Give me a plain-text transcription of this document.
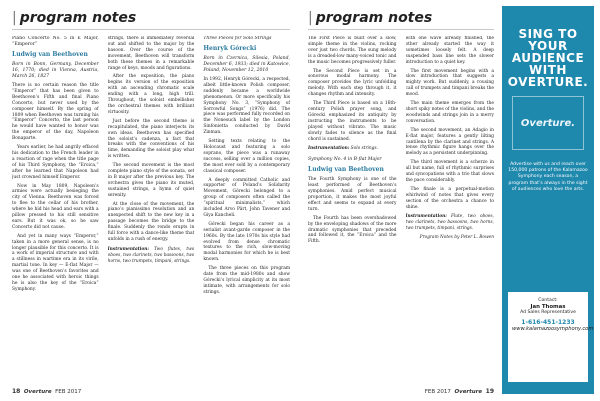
| program notes
Piano Concerto No. 5 in E Major, “Emperor”
Ludwig van Beethoven
Born in Bonn, Germany, December 16, 1770; died in Vienna, Austria, March 26, 1827

There is no certain reason the title “Emperor” that has been given to Beethoven’s Fifth and final Piano Concerto, but never used by the composer himself. By the spring of 1809 when Beethoven was turning his “Emperor” Concerto, the last person he would have wanted to honor was the emperor of the day, Napoleon Bonaparte.

Years earlier, he had angrily effaced his dedication to the French leader in a reaction of rage when the title page of his Third Symphony, the “Eroica,” after he learned that Napoleon had just crowned himself Emperor.

Now in May 1809, Napoleon’s armies were actually besieging the city of Vienna. Beethoven was forced to flee to the cellar of his brother, where he hid his head and ears with a pillow pressed to his still sensitive ears. But it was ok, so he saw Concerto did not cause.

And yet in many ways “Emperor,” taken in a more general sense, is no longer plausible for this concerto. It is a work of imperial structure and with a stillness in wartime era in its virile, martial tone. In key — E-flat Major — was one of Beethoven’s favorites and one he associated with heroic things he is also the key of the “Eroica” Symphony.

strings, there is immediately reversal out and shifted to the major by the basoon. Over the course of the movement, Beethoven will transform both these themes in a remarkable range of keys, moods and figurations.

After the exposition, the piano begins its version of the exposition with an ascending chromatic scale ending with a long, high trill. Throughout, the soloist embellishes the orchestral themes with brilliant virtuosity.

Just before the second theme is recapitulated, the piano interjects its own ideas. Beethoven has specified the soloist’s cadenza, a fact that breaks with the conventions of his time, demanding the soloist play what is written.

The second movement is the most complete piano style of the sonata, set in B major after the previous key. The orchestra gives the piano its muted, sustained strings, a hymn of quiet serenity.

At the close of the movement, the piano’s pianissimo resolution and an unexpected shift to the new key in a passage becomes the bridge to the finale. Suddenly the rondo erupts in full force with a dance-like theme that unfolds in a rush of energy.

Instrumentation: Two flutes, two oboes, two clarinets, two bassoons, two horns, two trumpets, timpani, strings.
Three Pieces for Solo Strings
Henryk Górecki
Born in Czernica, Silesia, Poland, December 6, 1933; died in Katowice, Poland, November 12, 2010

In 1992, Henryk Górecki, a respected, albeit little-known Polish composer, suddenly became a worldwide phenomenon. Or more specifically his Symphony No. 3, “Symphony of Sorrowful Songs” (1976) did. The piece was performed fully recorded on the Nonesuch label by the London Sinfonietta conducted by David Zinman.

Setting texts relating to the Holocaust and featuring a solo soprano, the piece was a runaway success, selling over a million copies, the most ever sold by a contemporary classical composer.

A deeply committed Catholic and supporter of Poland’s Solidarity Movement, Górecki belonged to a group of composers often called the “spiritual minimalists,” which included Arvo Pärt, John Tavener and Giya Kancheli.

Górecki began his career as a serialist avant-garde composer in the 1960s. By the late 1970s his style had evolved from dense chromatic textures to the rich, slow-moving modal harmonies for which he is best known.

The three pieces on this program date from the mid-1980s and show Górecki’s lyrical simplicity at its most intimate, with arrangements for solo strings.

18 Overture FEB 2017
| program notes

The First Piece is built over a slow, simple theme in the violins, rocking over just two chords. The sung melody is a dreaded-low many-voiced tonic and the music becomes progressively fuller.

The Second Piece is set in a sonorous modal harmony. The composer provides the lyric unfolding melody. With each step through it, it changes rhythm and intensity.

The Third Piece is based on a 16th-century Polish prayer song, and Górecki emphasized its antiquity by instructing the instruments to be played without vibrato. The music slowly fades to silence as the final chord is sustained.

Instrumentation: Solo strings.
Symphony No. 4 in B-flat Major
Ludwig van Beethoven

The Fourth Symphony is one of the least performed of Beethoven’s symphonies. Amid perfect musical proportion, it makes the most joyful effect and seems to expand at every turn.

The Fourth has been overshadowed by the enveloping shadows of the more dramatic symphonies that preceded and followed it, the “Eroica” and the Fifth.

with one wave already finished, the other already started the way it sometimes loosely felt. A deep suspended bass line sets the slower introduction to a quiet key.

The first movement begins with a slow introduction that suggests a mighty work. But suddenly, a rousing call of trumpets and timpani breaks the mood.

The main theme emerges from the short spiky notes of the violins, and the woodwinds and strings join in a merry conversation.

The second movement, an Adagio in E-flat major, features a gently lilting cantilena by the clarinet and strings. A tense rhythmic figure hangs over the melody as a persistent underpinning.

The third movement is a scherzo in all but name, full of rhythmic surprises and syncopations with a trio that slows the pace considerably.

The finale is a perpetual-motion whirlwind of notes that gives every section of the orchestra a chance to shine.

Instrumentation: Flute, two oboes, two clarinets, two bassoons, two horns, two trumpets, timpani, strings.
Program Notes by Peter L. Bowen
FEB 2017 Overture 19
SING TO YOUR AUDIENCE WITH OVERTURE.
Overture.
Advertise with us and reach over 150,000 patrons of the Kalamazoo Symphony each season, a program that’s always in the sight of audiences who love the arts.
Contact:
Jan Thomas
Ad Sales Representative
1-616-451-1233
www.kalamazoosymphony.com
